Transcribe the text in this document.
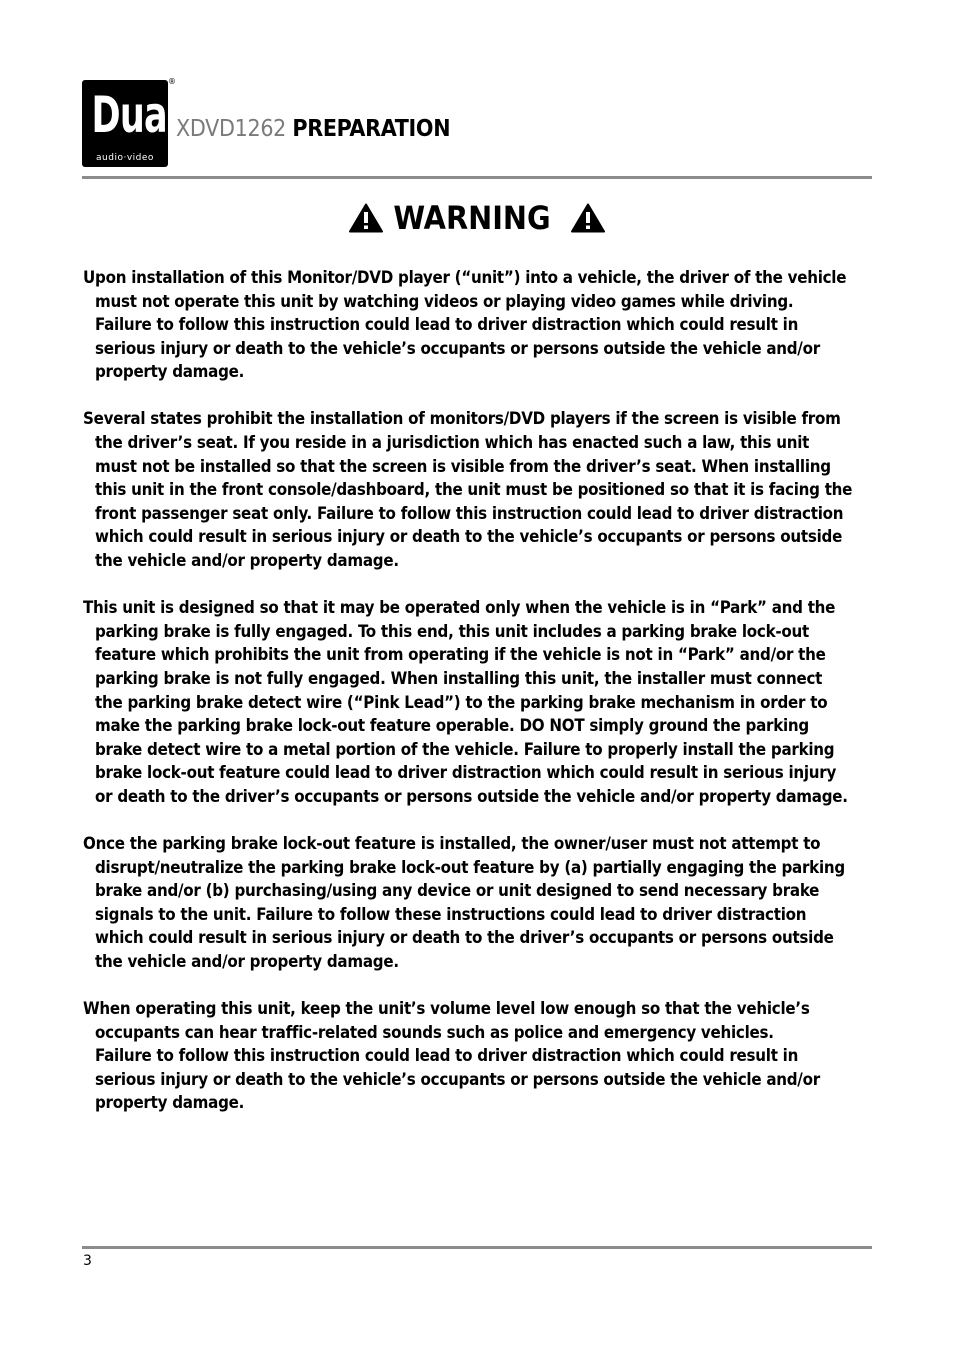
Dual
audio·video
®
XDVD1262 PREPARATION
WARNING

Upon installation of this Monitor/DVD player (“unit”) into a vehicle, the driver of the vehicle
must not operate this unit by watching videos or playing video games while driving.
Failure to follow this instruction could lead to driver distraction which could result in
serious injury or death to the vehicle’s occupants or persons outside the vehicle and/or
property damage.

Several states prohibit the installation of monitors/DVD players if the screen is visible from
the driver’s seat. If you reside in a jurisdiction which has enacted such a law, this unit
must not be installed so that the screen is visible from the driver’s seat. When installing
this unit in the front console/dashboard, the unit must be positioned so that it is facing the
front passenger seat only. Failure to follow this instruction could lead to driver distraction
which could result in serious injury or death to the vehicle’s occupants or persons outside
the vehicle and/or property damage.

This unit is designed so that it may be operated only when the vehicle is in “Park” and the
parking brake is fully engaged. To this end, this unit includes a parking brake lock-out
feature which prohibits the unit from operating if the vehicle is not in “Park” and/or the
parking brake is not fully engaged. When installing this unit, the installer must connect
the parking brake detect wire (“Pink Lead”) to the parking brake mechanism in order to
make the parking brake lock-out feature operable. DO NOT simply ground the parking
brake detect wire to a metal portion of the vehicle. Failure to properly install the parking
brake lock-out feature could lead to driver distraction which could result in serious injury
or death to the driver’s occupants or persons outside the vehicle and/or property damage.

Once the parking brake lock-out feature is installed, the owner/user must not attempt to
disrupt/neutralize the parking brake lock-out feature by (a) partially engaging the parking
brake and/or (b) purchasing/using any device or unit designed to send necessary brake
signals to the unit. Failure to follow these instructions could lead to driver distraction
which could result in serious injury or death to the driver’s occupants or persons outside
the vehicle and/or property damage.

When operating this unit, keep the unit’s volume level low enough so that the vehicle’s
occupants can hear traffic-related sounds such as police and emergency vehicles.
Failure to follow this instruction could lead to driver distraction which could result in
serious injury or death to the vehicle’s occupants or persons outside the vehicle and/or
property damage.

3
